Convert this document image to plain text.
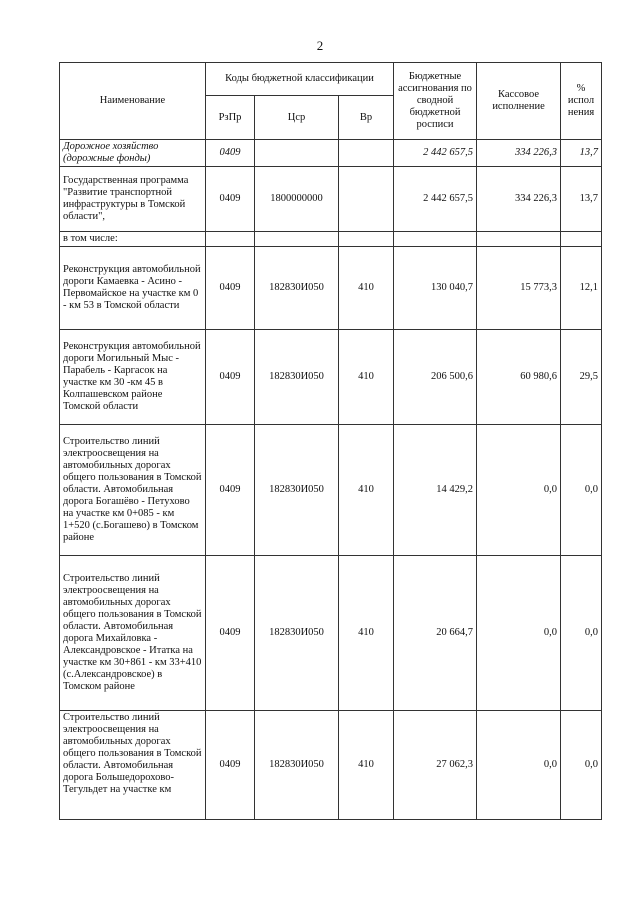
2
Наименование	Коды бюджетной классификации			Бюджетные ассигнования по сводной бюджетной росписи	Кассовое исполнение	% испол нения
	РзПр	Цср	Вр			
Дорожное хозяйство (дорожные фонды)	0409			2 442 657,5	334 226,3	13,7
Государственная программа "Развитие транспортной инфраструктуры в Томской области",	0409	1800000000		2 442 657,5	334 226,3	13,7
в том числе:						
Реконструкция автомобильной дороги Камаевка - Асино - Первомайское на участке км 0 - км 53 в Томской области	0409	182830И050	410	130 040,7	15 773,3	12,1
Реконструкция автомобильной дороги Могильный Мыс - Парабель - Каргасок на участке км 30 -км 45 в Колпашевском районе Томской области	0409	182830И050	410	206 500,6	60 980,6	29,5
Строительство линий электроосвещения на автомобильных дорогах общего пользования в Томской области. Автомобильная дорога Богашёво - Петухово на участке км 0+085 - км 1+520 (с.Богашево) в Томском районе	0409	182830И050	410	14 429,2	0,0	0,0
Строительство линий электроосвещения на автомобильных дорогах общего пользования в Томской области. Автомобильная дорога Михайловка - Александровское - Итатка на участке км 30+861 - км 33+410 (с.Александровское) в Томском районе	0409	182830И050	410	20 664,7	0,0	0,0
Строительство линий электроосвещения на автомобильных дорогах общего пользования в Томской области. Автомобильная дорога Большедорохово-Тегульдет на участке км	0409	182830И050	410	27 062,3	0,0	0,0
